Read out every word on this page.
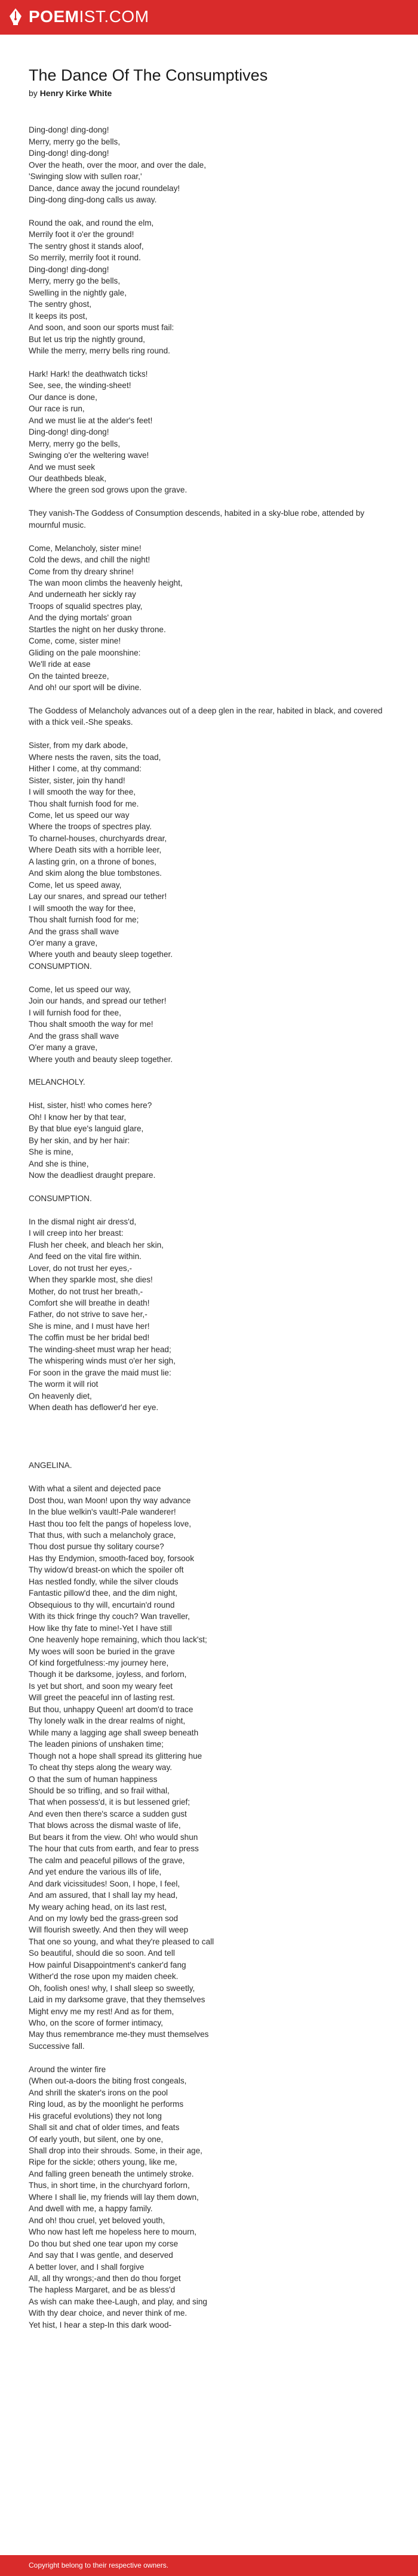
POEMIST.COM
The Dance Of The Consumptives

by Henry Kirke White

Ding-dong! ding-dong!
Merry, merry go the bells,
Ding-dong! ding-dong!
Over the heath, over the moor, and over the dale,
'Swinging slow with sullen roar,'
Dance, dance away the jocund roundelay!
Ding-dong ding-dong calls us away.
Round the oak, and round the elm,
Merrily foot it o'er the ground!
The sentry ghost it stands aloof,
So merrily, merrily foot it round.
Ding-dong! ding-dong!
Merry, merry go the bells,
Swelling in the nightly gale,
The sentry ghost,
It keeps its post,
And soon, and soon our sports must fail:
But let us trip the nightly ground,
While the merry, merry bells ring round.
Hark! Hark! the deathwatch ticks!
See, see, the winding-sheet!
Our dance is done,
Our race is run,
And we must lie at the alder's feet!
Ding-dong! ding-dong!
Merry, merry go the bells,
Swinging o'er the weltering wave!
And we must seek
Our deathbeds bleak,
Where the green sod grows upon the grave.
They vanish-The Goddess of Consumption descends, habited in a sky-blue robe, attended by mournful music.
Come, Melancholy, sister mine!
Cold the dews, and chill the night!
Come from thy dreary shrine!
The wan moon climbs the heavenly height,
And underneath her sickly ray
Troops of squalid spectres play,
And the dying mortals' groan
Startles the night on her dusky throne.
Come, come, sister mine!
Gliding on the pale moonshine:
We'll ride at ease
On the tainted breeze,
And oh! our sport will be divine.
The Goddess of Melancholy advances out of a deep glen in the rear, habited in black, and covered with a thick veil.-She speaks.
Sister, from my dark abode,
Where nests the raven, sits the toad,
Hither I come, at thy command:
Sister, sister, join thy hand!
I will smooth the way for thee,
Thou shalt furnish food for me.
Come, let us speed our way
Where the troops of spectres play.
To charnel-houses, churchyards drear,
Where Death sits with a horrible leer,
A lasting grin, on a throne of bones,
And skim along the blue tombstones.
Come, let us speed away,
Lay our snares, and spread our tether!
I will smooth the way for thee,
Thou shalt furnish food for me;
And the grass shall wave
O'er many a grave,
Where youth and beauty sleep together.
CONSUMPTION.
Come, let us speed our way,
Join our hands, and spread our tether!
I will furnish food for thee,
Thou shalt smooth the way for me!
And the grass shall wave
O'er many a grave,
Where youth and beauty sleep together.
MELANCHOLY.
Hist, sister, hist! who comes here?
Oh! I know her by that tear,
By that blue eye's languid glare,
By her skin, and by her hair:
She is mine,
And she is thine,
Now the deadliest draught prepare.
CONSUMPTION.
In the dismal night air dress'd,
I will creep into her breast:
Flush her cheek, and bleach her skin,
And feed on the vital fire within.
Lover, do not trust her eyes,-
When they sparkle most, she dies!
Mother, do not trust her breath,-
Comfort she will breathe in death!
Father, do not strive to save her,-
She is mine, and I must have her!
The coffin must be her bridal bed!
The winding-sheet must wrap her head;
The whispering winds must o'er her sigh,
For soon in the grave the maid must lie:
The worm it will riot
On heavenly diet,
When death has deflower'd her eye.

ANGELINA.
With what a silent and dejected pace
Dost thou, wan Moon! upon thy way advance
In the blue welkin's vault!-Pale wanderer!
Hast thou too felt the pangs of hopeless love,
That thus, with such a melancholy grace,
Thou dost pursue thy solitary course?
Has thy Endymion, smooth-faced boy, forsook
Thy widow'd breast-on which the spoiler oft
Has nestled fondly, while the silver clouds
Fantastic pillow'd thee, and the dim night,
Obsequious to thy will, encurtain'd round
With its thick fringe thy couch? Wan traveller,
How like thy fate to mine!-Yet I have still
One heavenly hope remaining, which thou lack'st;
My woes will soon be buried in the grave
Of kind forgetfulness:-my journey here,
Though it be darksome, joyless, and forlorn,
Is yet but short, and soon my weary feet
Will greet the peaceful inn of lasting rest.
But thou, unhappy Queen! art doom'd to trace
Thy lonely walk in the drear realms of night,
While many a lagging age shall sweep beneath
The leaden pinions of unshaken time;
Though not a hope shall spread its glittering hue
To cheat thy steps along the weary way.
O that the sum of human happiness
Should be so trifling, and so frail withal,
That when possess'd, it is but lessened grief;
And even then there's scarce a sudden gust
That blows across the dismal waste of life,
But bears it from the view. Oh! who would shun
The hour that cuts from earth, and fear to press
The calm and peaceful pillows of the grave,
And yet endure the various ills of life,
And dark vicissitudes! Soon, I hope, I feel,
And am assured, that I shall lay my head,
My weary aching head, on its last rest,
And on my lowly bed the grass-green sod
Will flourish sweetly. And then they will weep
That one so young, and what they're pleased to call
So beautiful, should die so soon. And tell
How painful Disappointment's canker'd fang
Wither'd the rose upon my maiden cheek.
Oh, foolish ones! why, I shall sleep so sweetly,
Laid in my darksome grave, that they themselves
Might envy me my rest! And as for them,
Who, on the score of former intimacy,
May thus remembrance me-they must themselves
Successive fall.
Around the winter fire
(When out-a-doors the biting frost congeals,
And shrill the skater's irons on the pool
Ring loud, as by the moonlight he performs
His graceful evolutions) they not long
Shall sit and chat of older times, and feats
Of early youth, but silent, one by one,
Shall drop into their shrouds. Some, in their age,
Ripe for the sickle; others young, like me,
And falling green beneath the untimely stroke.
Thus, in short time, in the churchyard forlorn,
Where I shall lie, my friends will lay them down,
And dwell with me, a happy family.
And oh! thou cruel, yet beloved youth,
Who now hast left me hopeless here to mourn,
Do thou but shed one tear upon my corse
And say that I was gentle, and deserved
A better lover, and I shall forgive
All, all thy wrongs;-and then do thou forget
The hapless Margaret, and be as bless'd
As wish can make thee-Laugh, and play, and sing
With thy dear choice, and never think of me.
Yet hist, I hear a step-In this dark wood-
Copyright belong to their respective owners.
